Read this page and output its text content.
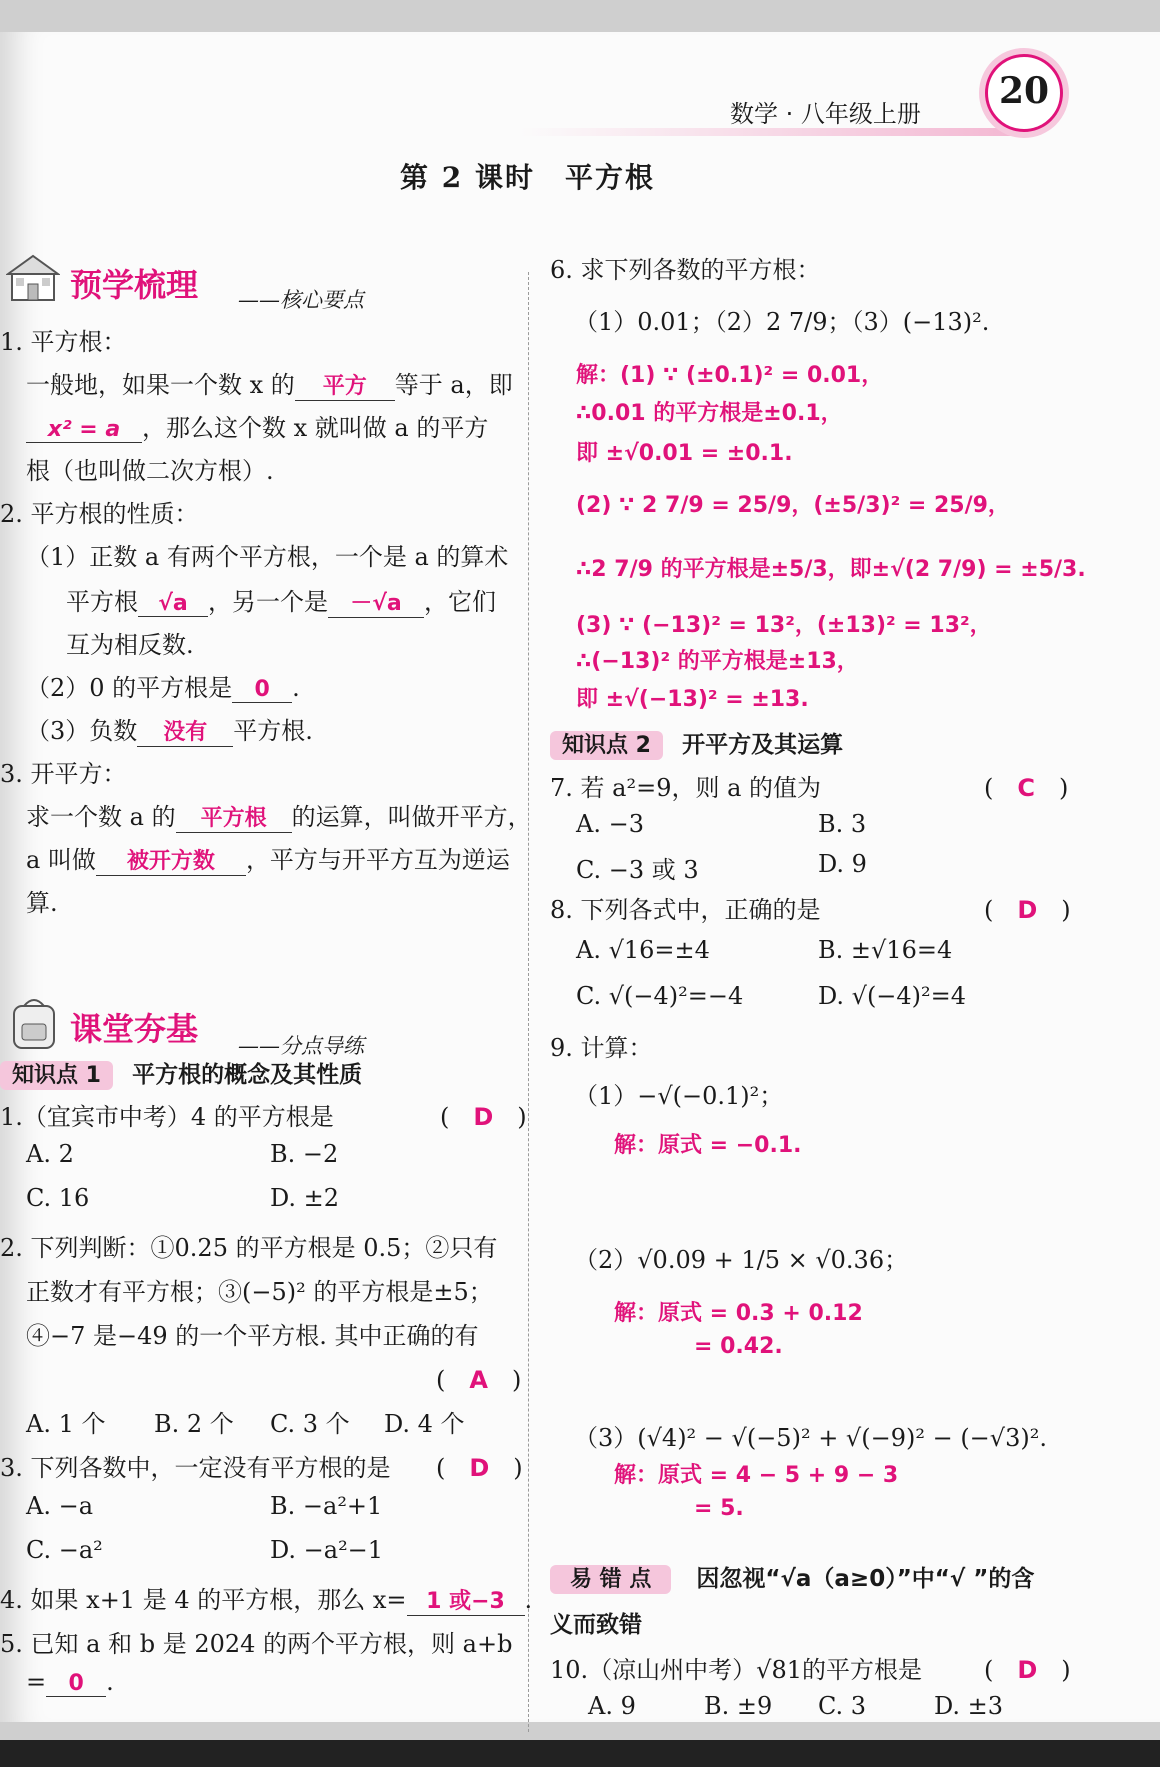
数学 · 八年级上册
20
第 2 课时　平方根
预学梳理 ——核心要点
1. 平方根：
一般地，如果一个数 x 的 平方 等于 a，即
x² = a ，那么这个数 x 就叫做 a 的平方
根（也叫做二次方根）.
2. 平方根的性质：
（1）正数 a 有两个平方根，一个是 a 的算术
平方根 √a ，另一个是 －√a ，它们
互为相反数.
（2）0 的平方根是 0 .
（3）负数 没有 平方根.
3. 开平方：
求一个数 a 的 平方根 的运算，叫做开平方，
a 叫做 被开方数 ，平方与开平方互为逆运
算.
课堂夯基 ——分点导练
知识点 1 平方根的概念及其性质
1.（宜宾市中考）4 的平方根是	(　D　)
A. 2	B. −2
C. 16	D. ±2
2. 下列判断：①0.25 的平方根是 0.5；②只有
正数才有平方根；③(−5)² 的平方根是±5；
④−7 是−49 的一个平方根. 其中正确的有
(　A　)
A. 1 个 B. 2 个 C. 3 个 D. 4 个
3. 下列各数中，一定没有平方根的是 (　D　)
A. −a	B. −a²+1
C. −a²	D. −a²−1
4. 如果 x+1 是 4 的平方根，那么 x= 1 或−3 .
5. 已知 a 和 b 是 2024 的两个平方根，则 a+b
= 0 .
6. 求下列各数的平方根：
（1）0.01；（2）2 7/9；（3）(−13)².
解：(1) ∵ (±0.1)² = 0.01，
∴0.01 的平方根是±0.1，
即 ±√0.01 = ±0.1.
(2) ∵ 2 7/9 = 25/9，(±5/3)² = 25/9，
∴2 7/9 的平方根是±5/3，即±√(2 7/9) = ±5/3.
(3) ∵ (−13)² = 13²，(±13)² = 13²，
∴(−13)² 的平方根是±13，
即 ±√(−13)² = ±13.
知识点 2 开平方及其运算
7. 若 a²=9，则 a 的值为	(　C　)
A. −3	B. 3
C. −3 或 3	D. 9
8. 下列各式中，正确的是	(　D　)
A. √16=±4	B. ±√16=4
C. √(−4)²=−4	D. √(−4)²=4
9. 计算：
（1）−√(−0.1)²；
解：原式 = −0.1.
（2）√0.09 + 1/5 × √0.36；
解：原式 = 0.3 + 0.12
= 0.42.
（3）(√4)² − √(−5)² + √(−9)² − (−√3)².
解：原式 = 4 − 5 + 9 − 3
= 5.
易 错 点 因忽视“√a（a≥0）”中“√ ”的含
义而致错
10.（凉山州中考）√81的平方根是	(　D　)
A. 9	B. ±9 C. 3	D. ±3
